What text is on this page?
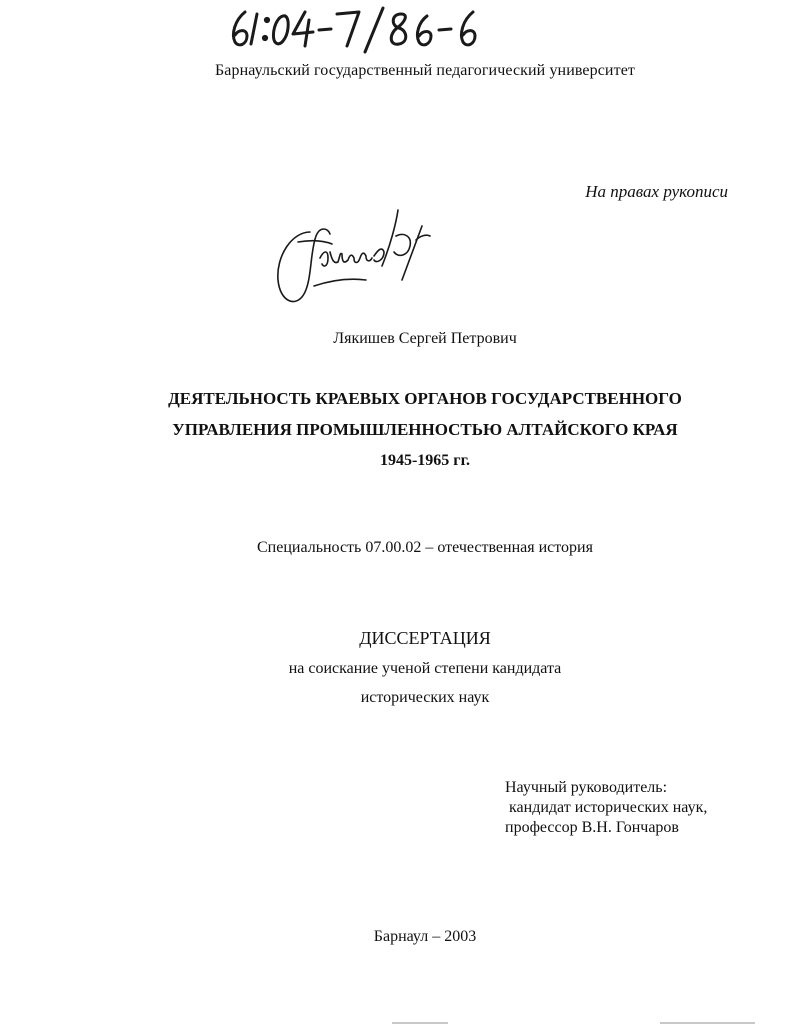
Барнаульский государственный педагогический университет
На правах рукописи
Лякишев Сергей Петрович
ДЕЯТЕЛЬНОСТЬ КРАЕВЫХ ОРГАНОВ ГОСУДАРСТВЕННОГО
УПРАВЛЕНИЯ ПРОМЫШЛЕННОСТЬЮ АЛТАЙСКОГО КРАЯ
1945-1965 гг.
Специальность 07.00.02 – отечественная история
ДИССЕРТАЦИЯ
на соискание ученой степени кандидата
исторических наук
Научный руководитель:
кандидат исторических наук,
профессор В.Н. Гончаров
Барнаул – 2003
